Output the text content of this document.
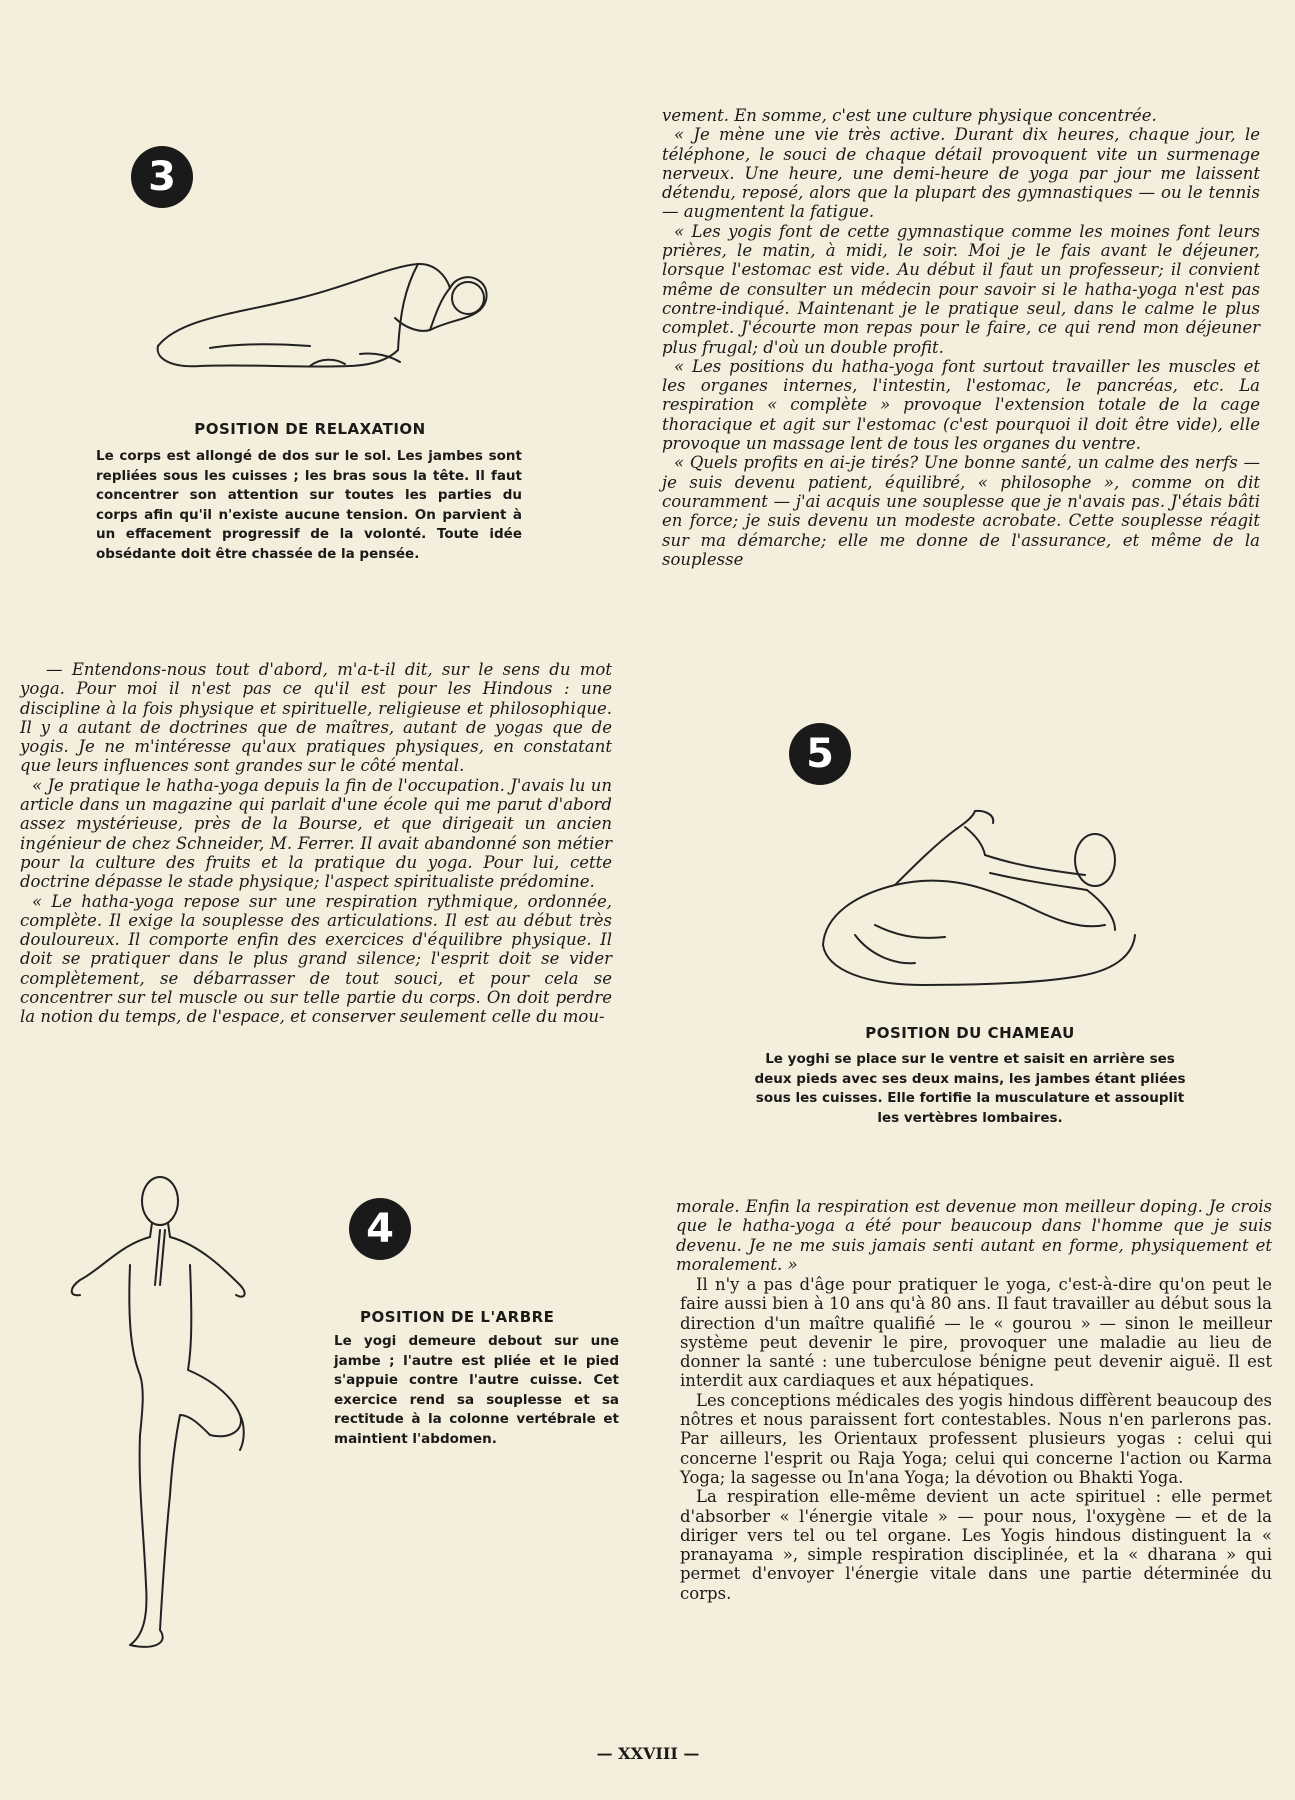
3
POSITION DE RELAXATION
Le corps est allongé de dos sur le sol. Les jambes sont repliées sous les cuisses ; les bras sous la tête. Il faut concentrer son attention sur toutes les parties du corps afin qu'il n'existe aucune tension. On parvient à un effacement progressif de la volonté. Toute idée obsédante doit être chassée de la pensée.

vement. En somme, c'est une culture physique concentrée.

« Je mène une vie très active. Durant dix heures, chaque jour, le téléphone, le souci de chaque détail provoquent vite un surmenage nerveux. Une heure, une demi-heure de yoga par jour me laissent détendu, reposé, alors que la plupart des gymnastiques — ou le tennis — augmentent la fatigue.

« Les yogis font de cette gymnastique comme les moines font leurs prières, le matin, à midi, le soir. Moi je le fais avant le déjeuner, lorsque l'estomac est vide. Au début il faut un professeur; il convient même de consulter un médecin pour savoir si le hatha-yoga n'est pas contre-indiqué. Maintenant je le pratique seul, dans le calme le plus complet. J'écourte mon repas pour le faire, ce qui rend mon déjeuner plus frugal; d'où un double profit.

« Les positions du hatha-yoga font surtout travailler les muscles et les organes internes, l'intestin, l'estomac, le pancréas, etc. La respiration « complète » provoque l'extension totale de la cage thoracique et agit sur l'estomac (c'est pourquoi il doit être vide), elle provoque un massage lent de tous les organes du ventre.

« Quels profits en ai-je tirés? Une bonne santé, un calme des nerfs — je suis devenu patient, équilibré, « philosophe », comme on dit couramment — j'ai acquis une souplesse que je n'avais pas. J'étais bâti en force; je suis devenu un modeste acrobate. Cette souplesse réagit sur ma démarche; elle me donne de l'assurance, et même de la souplesse

— Entendons-nous tout d'abord, m'a-t-il dit, sur le sens du mot yoga. Pour moi il n'est pas ce qu'il est pour les Hindous : une discipline à la fois physique et spirituelle, religieuse et philosophique. Il y a autant de doctrines que de maîtres, autant de yogas que de yogis. Je ne m'intéresse qu'aux pratiques physiques, en constatant que leurs influences sont grandes sur le côté mental.

« Je pratique le hatha-yoga depuis la fin de l'occupation. J'avais lu un article dans un magazine qui parlait d'une école qui me parut d'abord assez mystérieuse, près de la Bourse, et que dirigeait un ancien ingénieur de chez Schneider, M. Ferrer. Il avait abandonné son métier pour la culture des fruits et la pratique du yoga. Pour lui, cette doctrine dépasse le stade physique; l'aspect spiritualiste prédomine.

« Le hatha-yoga repose sur une respiration rythmique, ordonnée, complète. Il exige la souplesse des articulations. Il est au début très douloureux. Il comporte enfin des exercices d'équilibre physique. Il doit se pratiquer dans le plus grand silence; l'esprit doit se vider complètement, se débarrasser de tout souci, et pour cela se concentrer sur tel muscle ou sur telle partie du corps. On doit perdre la notion du temps, de l'espace, et conserver seulement celle du mou-

5
POSITION DU CHAMEAU
Le yoghi se place sur le ventre et saisit en arrière ses deux pieds avec ses deux mains, les jambes étant pliées sous les cuisses. Elle fortifie la musculature et assouplit les vertèbres lombaires.
4
POSITION DE L'ARBRE
Le yogi demeure debout sur une jambe ; l'autre est pliée et le pied s'appuie contre l'autre cuisse. Cet exercice rend sa souplesse et sa rectitude à la colonne vertébrale et maintient l'abdomen.

morale. Enfin la respiration est devenue mon meilleur doping. Je crois que le hatha-yoga a été pour beaucoup dans l'homme que je suis devenu. Je ne me suis jamais senti autant en forme, physiquement et moralement. »

Il n'y a pas d'âge pour pratiquer le yoga, c'est-à-dire qu'on peut le faire aussi bien à 10 ans qu'à 80 ans. Il faut travailler au début sous la direction d'un maître qualifié — le « gourou » — sinon le meilleur système peut devenir le pire, provoquer une maladie au lieu de donner la santé : une tuberculose bénigne peut devenir aiguë. Il est interdit aux cardiaques et aux hépatiques.

Les conceptions médicales des yogis hindous diffèrent beaucoup des nôtres et nous paraissent fort contestables. Nous n'en parlerons pas. Par ailleurs, les Orientaux professent plusieurs yogas : celui qui concerne l'esprit ou Raja Yoga; celui qui concerne l'action ou Karma Yoga; la sagesse ou In'ana Yoga; la dévotion ou Bhakti Yoga.

La respiration elle-même devient un acte spirituel : elle permet d'absorber « l'énergie vitale » — pour nous, l'oxygène — et de la diriger vers tel ou tel organe. Les Yogis hindous distinguent la « pranayama », simple respiration disciplinée, et la « dharana » qui permet d'envoyer l'énergie vitale dans une partie déterminée du corps.

— XXVIII —
